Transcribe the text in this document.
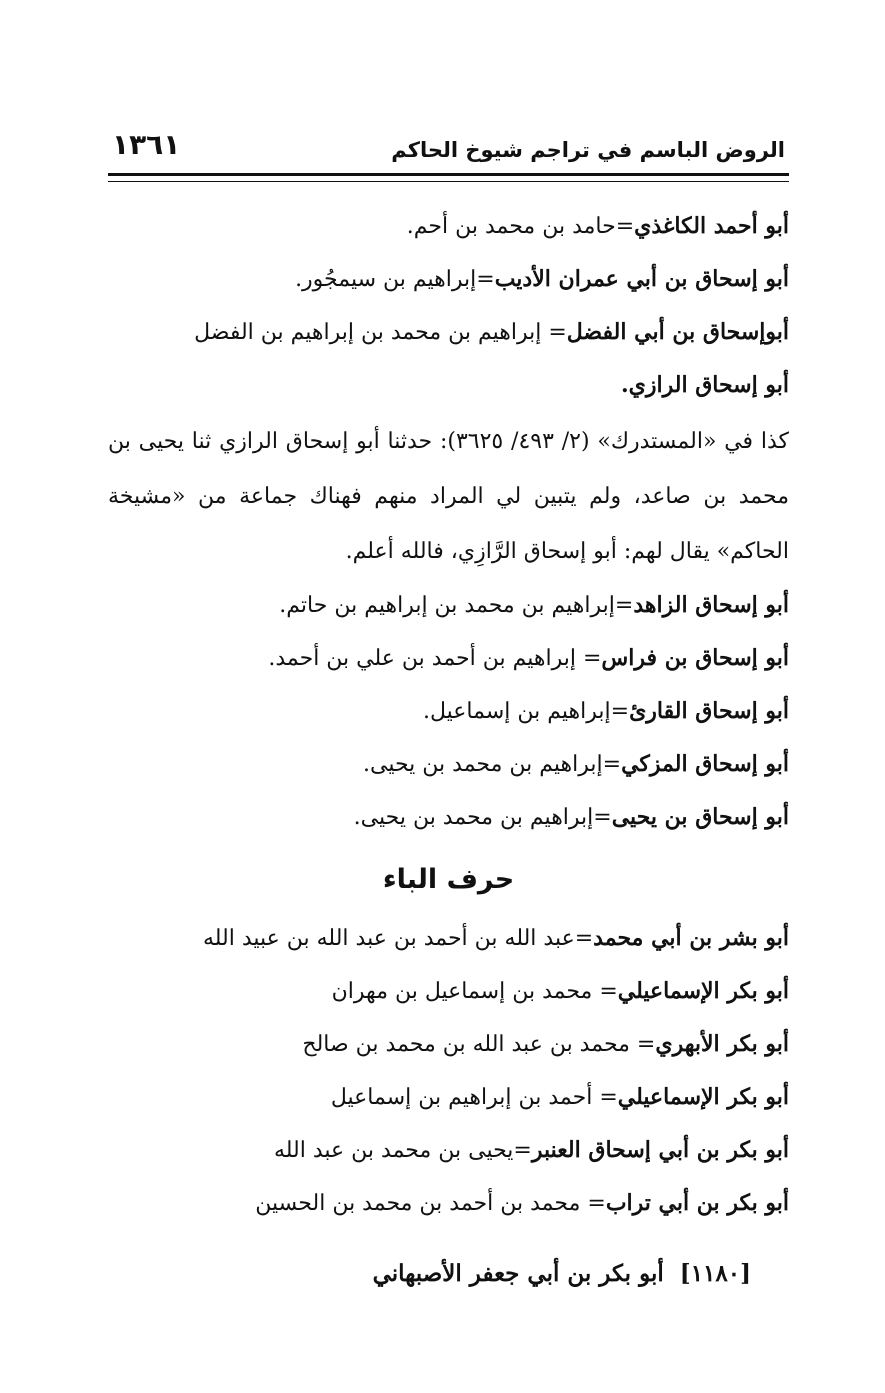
١٣٦١	الروض الباسم في تراجم شيوخ الحاكم
أبو أحمد الكاغذي=حامد بن محمد بن أحم.
أبو إسحاق بن أبي عمران الأديب=إبراهيم بن سيمجُور.
أبوإسحاق بن أبي الفضل= إبراهيم بن محمد بن إبراهيم بن الفضل
أبو إسحاق الرازي.
كذا في «المستدرك» (٢/ ٤٩٣/ ٣٦٢٥): حدثنا أبو إسحاق الرازي ثنا يحيى بن محمد بن صاعد، ولم يتبين لي المراد منهم فهناك جماعة من «مشيخة الحاكم» يقال لهم: أبو إسحاق الرَّازِي، فالله أعلم.
أبو إسحاق الزاهد=إبراهيم بن محمد بن إبراهيم بن حاتم.
أبو إسحاق بن فراس= إبراهيم بن أحمد بن علي بن أحمد.
أبو إسحاق القارئ=إبراهيم بن إسماعيل.
أبو إسحاق المزكي=إبراهيم بن محمد بن يحيى.
أبو إسحاق بن يحيى=إبراهيم بن محمد بن يحيى.
حرف الباء
أبو بشر بن أبي محمد=عبد الله بن أحمد بن عبد الله بن عبيد الله
أبو بكر الإسماعيلي= محمد بن إسماعيل بن مهران
أبو بكر الأبهري= محمد بن عبد الله بن محمد بن صالح
أبو بكر الإسماعيلي= أحمد بن إبراهيم بن إسماعيل
أبو بكر بن أبي إسحاق العنبر=يحيى بن محمد بن عبد الله
أبو بكر بن أبي تراب= محمد بن أحمد بن محمد بن الحسين
[١١٨٠]  أبو بكر بن أبي جعفر الأصبهاني
